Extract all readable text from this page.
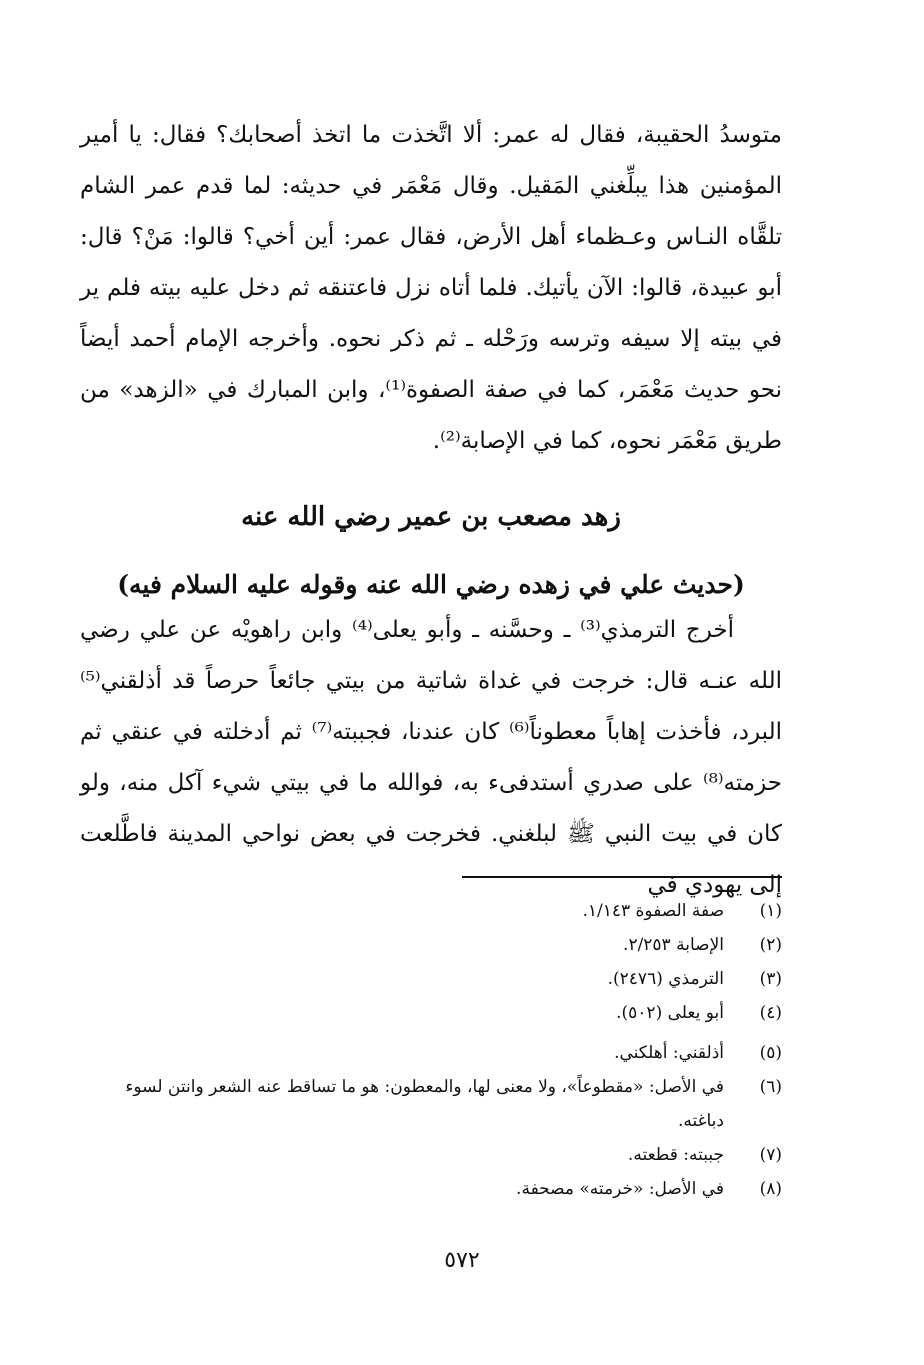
متوسدُ الحقيبة، فقال له عمر: ألا اتَّخذت ما اتخذ أصحابك؟ فقال: يا أمير المؤمنين هذا يبلِّغني المَقيل. وقال مَعْمَر في حديثه: لما قدم عمر الشام تلقَّاه النـاس وعـظماء أهل الأرض، فقال عمر: أين أخي؟ قالوا: مَنْ؟ قال: أبو عبيدة، قالوا: الآن يأتيك. فلما أتاه نزل فاعتنقه ثم دخل عليه بيته فلم ير في بيته إلا سيفه وترسه ورَحْله ـ ثم ذكر نحوه. وأخرجه الإمام أحمد أيضاً نحو حديث مَعْمَر، كما في صفة الصفوة⁽¹⁾، وابن المبارك في «الزهد» من طريق مَعْمَر نحوه، كما في الإصابة⁽²⁾.

زهد مصعب بن عمير رضي الله عنه
(حديث علي في زهده رضي الله عنه وقوله عليه السلام فيه)

أخرج الترمذي⁽³⁾ ـ وحسَّنه ـ وأبو يعلى⁽⁴⁾ وابن راهويْه عن علي رضي الله عنـه قال: خرجت في غداة شاتية من بيتي جائعاً حرصاً قد أذلقني⁽⁵⁾ البرد، فأخذت إهاباً معطوناً⁽⁶⁾ كان عندنا، فجببته⁽⁷⁾ ثم أدخلته في عنقي ثم حزمته⁽⁸⁾ على صدري أستدفىء به، فوالله ما في بيتي شيء آكل منه، ولو كان في بيت النبي ﷺ لبلغني. فخرجت في بعض نواحي المدينة فاطَّلعت إلى يهودي في

(١)
صفة الصفوة ١/١٤٣.
(٢)
الإصابة ٢/٢٥٣.
(٣)
الترمذي (٢٤٧٦).
(٤)
أبو يعلى (٥٠٢).
(٥)
أذلقني: أهلكني.
(٦)
في الأصل: «مقطوعاً»، ولا معنى لها، والمعطون: هو ما تساقط عنه الشعر وانتن لسوء دباغته.
(٧)
جببته: قطعته.
(٨)
في الأصل: «خرمته» مصحفة.
٥٧٢
